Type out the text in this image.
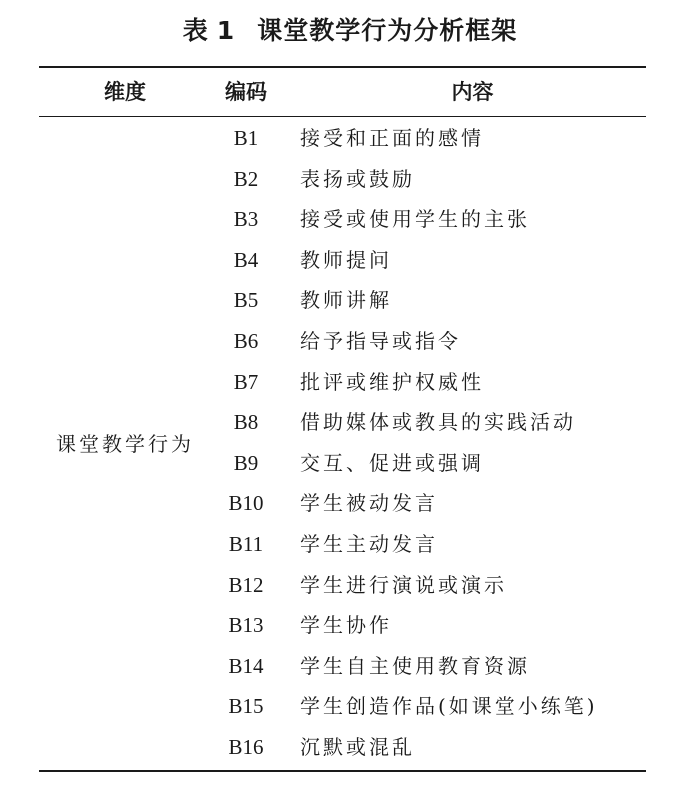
表 1 课堂教学行为分析框架
维度	编码	内容
课堂教学行为
B1	接受和正面的感情
B2	表扬或鼓励
B3	接受或使用学生的主张
B4	教师提问
B5	教师讲解
B6	给予指导或指令
B7	批评或维护权威性
B8	借助媒体或教具的实践活动
B9	交互、促进或强调
B10	学生被动发言
B11	学生主动发言
B12	学生进行演说或演示
B13	学生协作
B14	学生自主使用教育资源
B15	学生创造作品(如课堂小练笔)
B16	沉默或混乱
